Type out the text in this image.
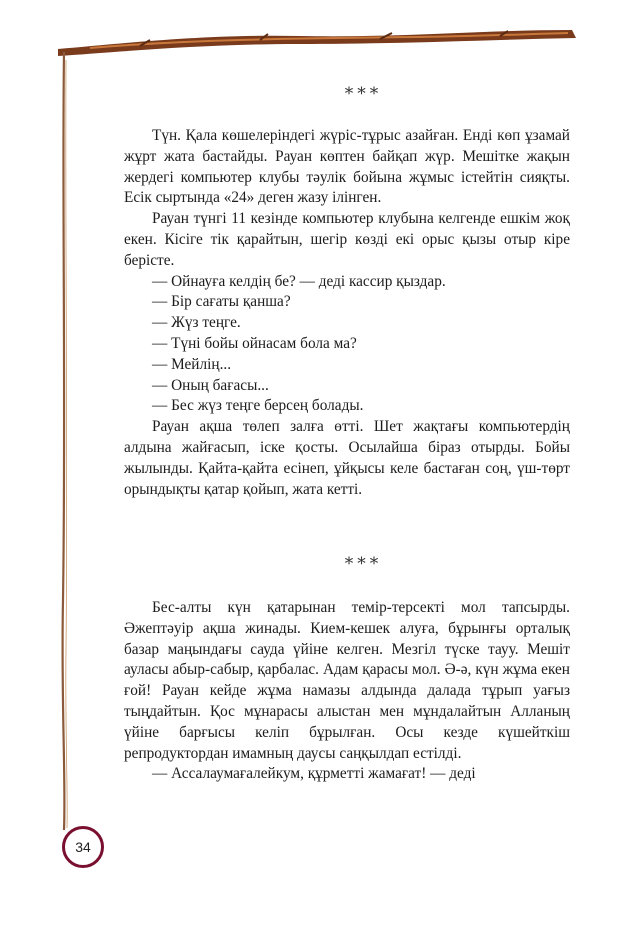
***

Түн. Қала көшелеріндегі жүріс-тұрыс азайған. Енді көп ұзамай жұрт жата бастайды. Рауан көптен байқап жүр. Мешітке жақын жердегі компьютер клубы тәулік бойына жұмыс істейтін сияқты. Есік сыртында «24» деген жазу ілінген.

Рауан түнгі 11 кезінде компьютер клубына келгенде ешкім жоқ екен. Кісіге тік қарайтын, шегір көзді екі орыс қызы отыр кіре берісте.

— Ойнауға келдің бе? — деді кассир қыздар.

— Бір сағаты қанша?

— Жүз теңге.

— Түні бойы ойнасам бола ма?

— Мейлің...

— Оның бағасы...

— Бес жүз теңге берсең болады.

Рауан ақша төлеп залға өтті. Шет жақтағы компьютердің алдына жайғасып, іске қосты. Осылайша біраз отырды. Бойы жылынды. Қайта-қайта есінеп, ұйқысы келе бастаған соң, үш-төрт орындықты қатар қойып, жата кетті.

***

Бес-алты күн қатарынан темір-терсекті мол тапсырды. Әжептәуір ақша жинады. Кием-кешек алуға, бұрынғы орталық базар маңындағы сауда үйіне келген. Мезгіл түске тауу. Мешіт ауласы абыр-сабыр, қарбалас. Адам қарасы мол. Ә-ә, күн жұма екен ғой! Рауан кейде жұма намазы алдында далада тұрып уағыз тыңдайтын. Қос мұнарасы алыстан мен мұндалайтын Алланың үйіне барғысы келіп бұрылған. Осы кезде күшейткіш репродуктордан имамның даусы саңқылдап естілді.

— Ассалаумағалейкум, құрметті жамағат! — деді

34
